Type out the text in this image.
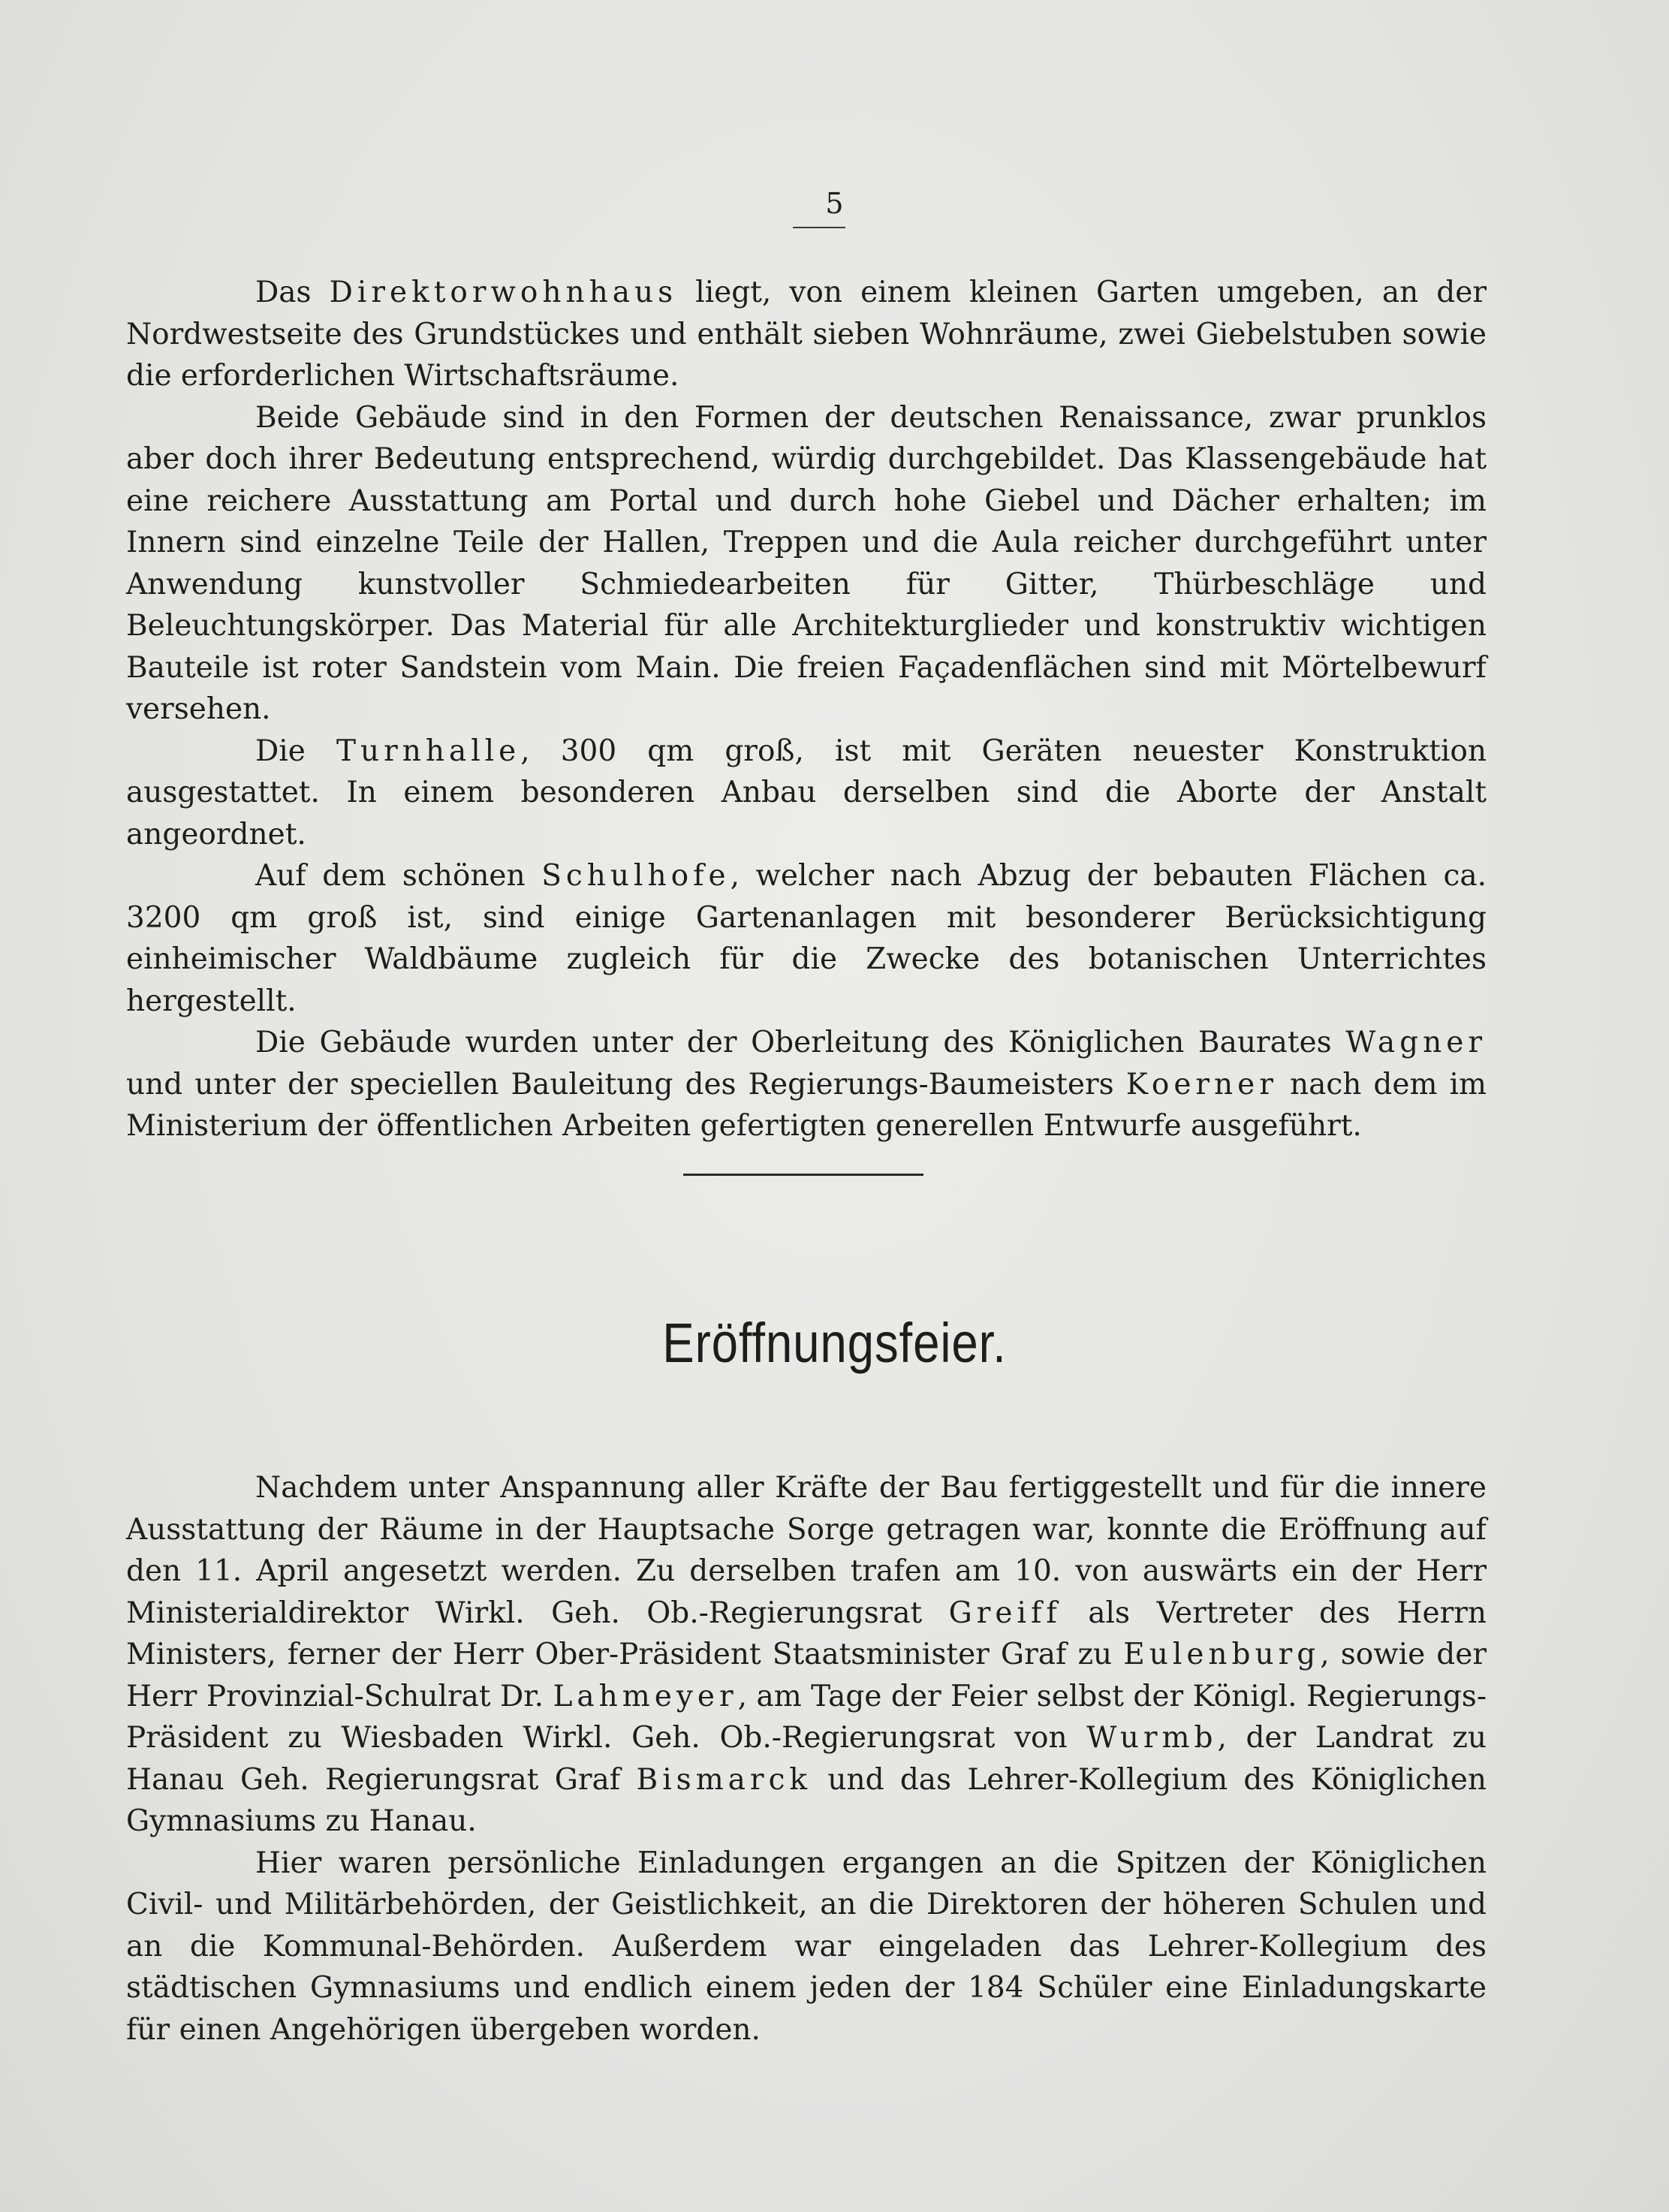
5

Das Direktorwohnhaus liegt, von einem kleinen Garten umgeben, an der Nordwestseite des Grundstückes und enthält sieben Wohnräume, zwei Giebelstuben sowie die erforderlichen Wirtschaftsräume.

Beide Gebäude sind in den Formen der deutschen Renaissance, zwar prunklos aber doch ihrer Bedeutung entsprechend, würdig durchgebildet. Das Klassengebäude hat eine reichere Ausstattung am Portal und durch hohe Giebel und Dächer erhalten; im Innern sind einzelne Teile der Hallen, Treppen und die Aula reicher durchgeführt unter Anwendung kunstvoller Schmiedearbeiten für Gitter, Thürbeschläge und Beleuchtungskörper. Das Material für alle Architekturglieder und konstruktiv wichtigen Bauteile ist roter Sandstein vom Main. Die freien Façadenflächen sind mit Mörtelbewurf versehen.

Die Turnhalle, 300 qm groß, ist mit Geräten neuester Konstruktion ausgestattet. In einem besonderen Anbau derselben sind die Aborte der Anstalt angeordnet.

Auf dem schönen Schulhofe, welcher nach Abzug der bebauten Flächen ca. 3200 qm groß ist, sind einige Gartenanlagen mit besonderer Berücksichtigung einheimischer Waldbäume zugleich für die Zwecke des botanischen Unterrichtes hergestellt.

Die Gebäude wurden unter der Oberleitung des Königlichen Baurates Wagner und unter der speciellen Bauleitung des Regierungs-Baumeisters Koerner nach dem im Ministerium der öffentlichen Arbeiten gefertigten generellen Entwurfe ausgeführt.

Eröffnungsfeier.

Nachdem unter Anspannung aller Kräfte der Bau fertiggestellt und für die innere Ausstattung der Räume in der Hauptsache Sorge getragen war, konnte die Eröffnung auf den 11. April angesetzt werden. Zu derselben trafen am 10. von auswärts ein der Herr Ministerialdirektor Wirkl. Geh. Ob.-Regierungsrat Greiff als Vertreter des Herrn Ministers, ferner der Herr Ober-Präsident Staatsminister Graf zu Eulenburg, sowie der Herr Provinzial-Schulrat Dr. Lahmeyer, am Tage der Feier selbst der Königl. Regierungs-Präsident zu Wiesbaden Wirkl. Geh. Ob.-Regierungsrat von Wurmb, der Landrat zu Hanau Geh. Regierungsrat Graf Bismarck und das Lehrer-Kollegium des Königlichen Gymnasiums zu Hanau.

Hier waren persönliche Einladungen ergangen an die Spitzen der Königlichen Civil- und Militärbehörden, der Geistlichkeit, an die Direktoren der höheren Schulen und an die Kommunal-Behörden. Außerdem war eingeladen das Lehrer-Kollegium des städtischen Gymnasiums und endlich einem jeden der 184 Schüler eine Einladungskarte für einen Angehörigen übergeben worden.
